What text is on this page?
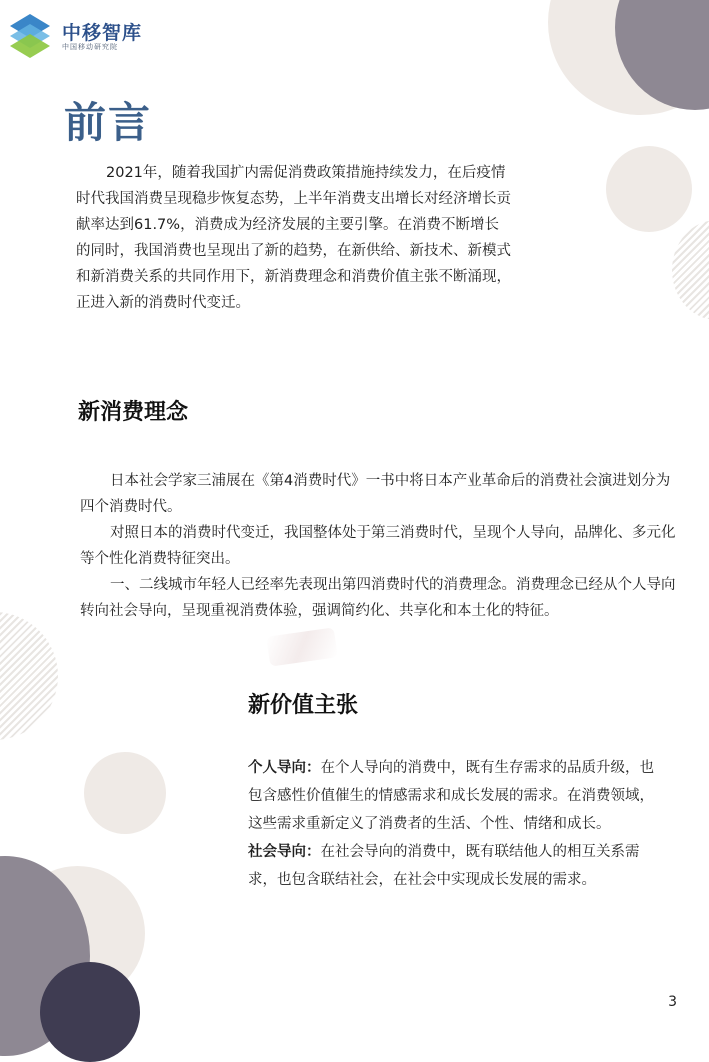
中移智库
中国移动研究院
前言
2021年，随着我国扩内需促消费政策措施持续发力，在后疫情时代我国消费呈现稳步恢复态势，上半年消费支出增长对经济增长贡献率达到61.7%，消费成为经济发展的主要引擎。在消费不断增长的同时，我国消费也呈现出了新的趋势，在新供给、新技术、新模式和新消费关系的共同作用下，新消费理念和消费价值主张不断涌现，正进入新的消费时代变迁。
新消费理念
日本社会学家三浦展在《第4消费时代》一书中将日本产业革命后的消费社会演进划分为四个消费时代。
对照日本的消费时代变迁，我国整体处于第三消费时代，呈现个人导向，品牌化、多元化等个性化消费特征突出。
一、二线城市年轻人已经率先表现出第四消费时代的消费理念。消费理念已经从个人导向转向社会导向，呈现重视消费体验，强调简约化、共享化和本土化的特征。
新价值主张
个人导向：在个人导向的消费中，既有生存需求的品质升级，也包含感性价值催生的情感需求和成长发展的需求。在消费领域，这些需求重新定义了消费者的生活、个性、情绪和成长。
社会导向：在社会导向的消费中，既有联结他人的相互关系需求，也包含联结社会，在社会中实现成长发展的需求。
3
